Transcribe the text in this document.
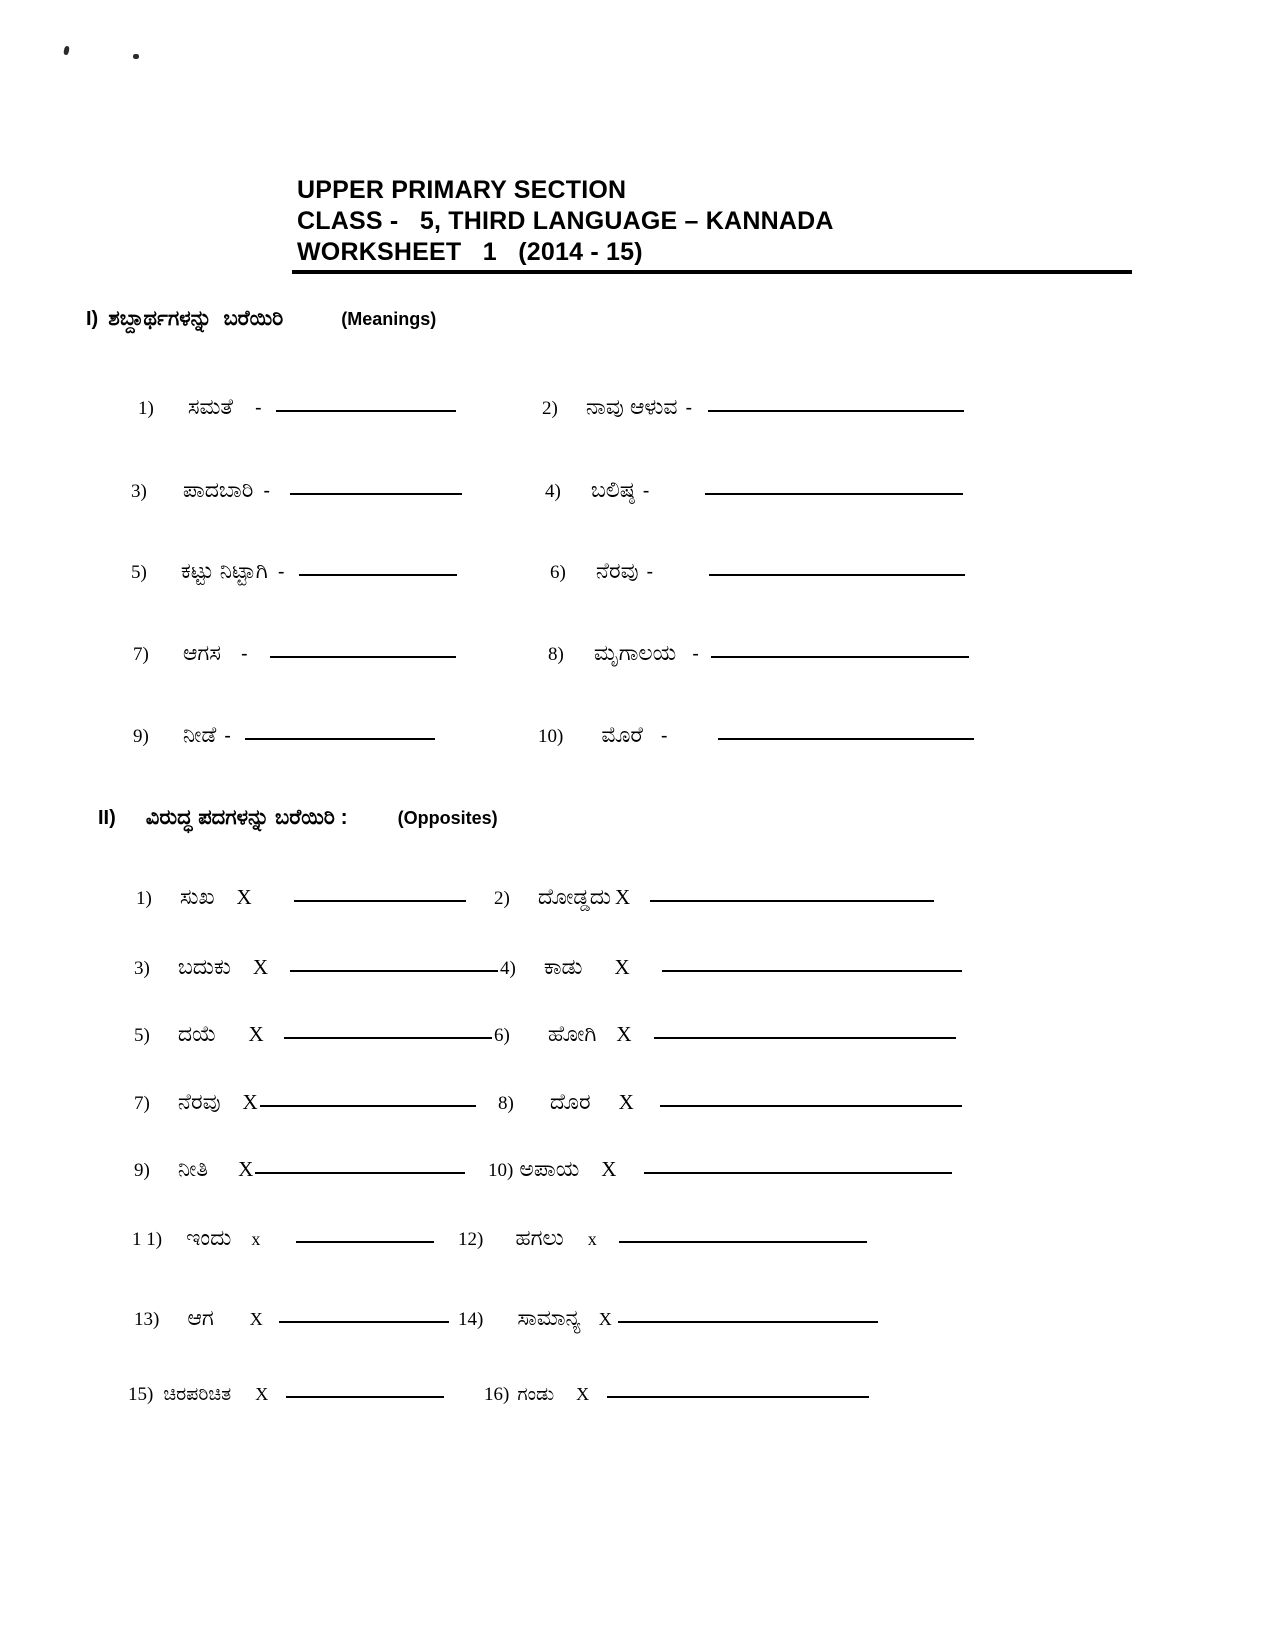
UPPER PRIMARY SECTION
CLASS -   5, THIRD LANGUAGE – KANNADA
WORKSHEET   1   (2014 - 15)
I) ಶಬ್ದಾರ್ಥಗಳನ್ನು  ಬರೆಯಿರಿ	(Meanings)
1) ಸಮತೆ -	2) ನಾವು ಆಳುವ -
3) ಪಾದಬಾರಿ -	4) ಬಲಿಷ್ಠ -
5) ಕಟ್ಟು ನಿಟ್ಟಾಗಿ -	6) ನೆರವು -
7) ಆಗಸ -	8) ಮೃಗಾಲಯ -
9) ನೀಡೆ -	10) ಮೊರೆ -
II) ವಿರುದ್ಧ ಪದಗಳನ್ನು ಬರೆಯಿರಿ :	(Opposites)
1) ಸುಖ X	2) ದೋಡ್ಡದು X
3) ಬದುಕು X	4) ಕಾಡು X
5) ದಯೆ X	6) ಹೋಗಿ X
7) ನೆರವು X	8) ದೊರ X
9) ನೀತಿ X	10) ಅಪಾಯ X
1 1) ಇಂದು x	12) ಹಗಲು x
13) ಆಗ X	14) ಸಾಮಾನ್ಯ X
15) ಚಿರಪರಿಚಿತ X	16) ಗಂಡು X
